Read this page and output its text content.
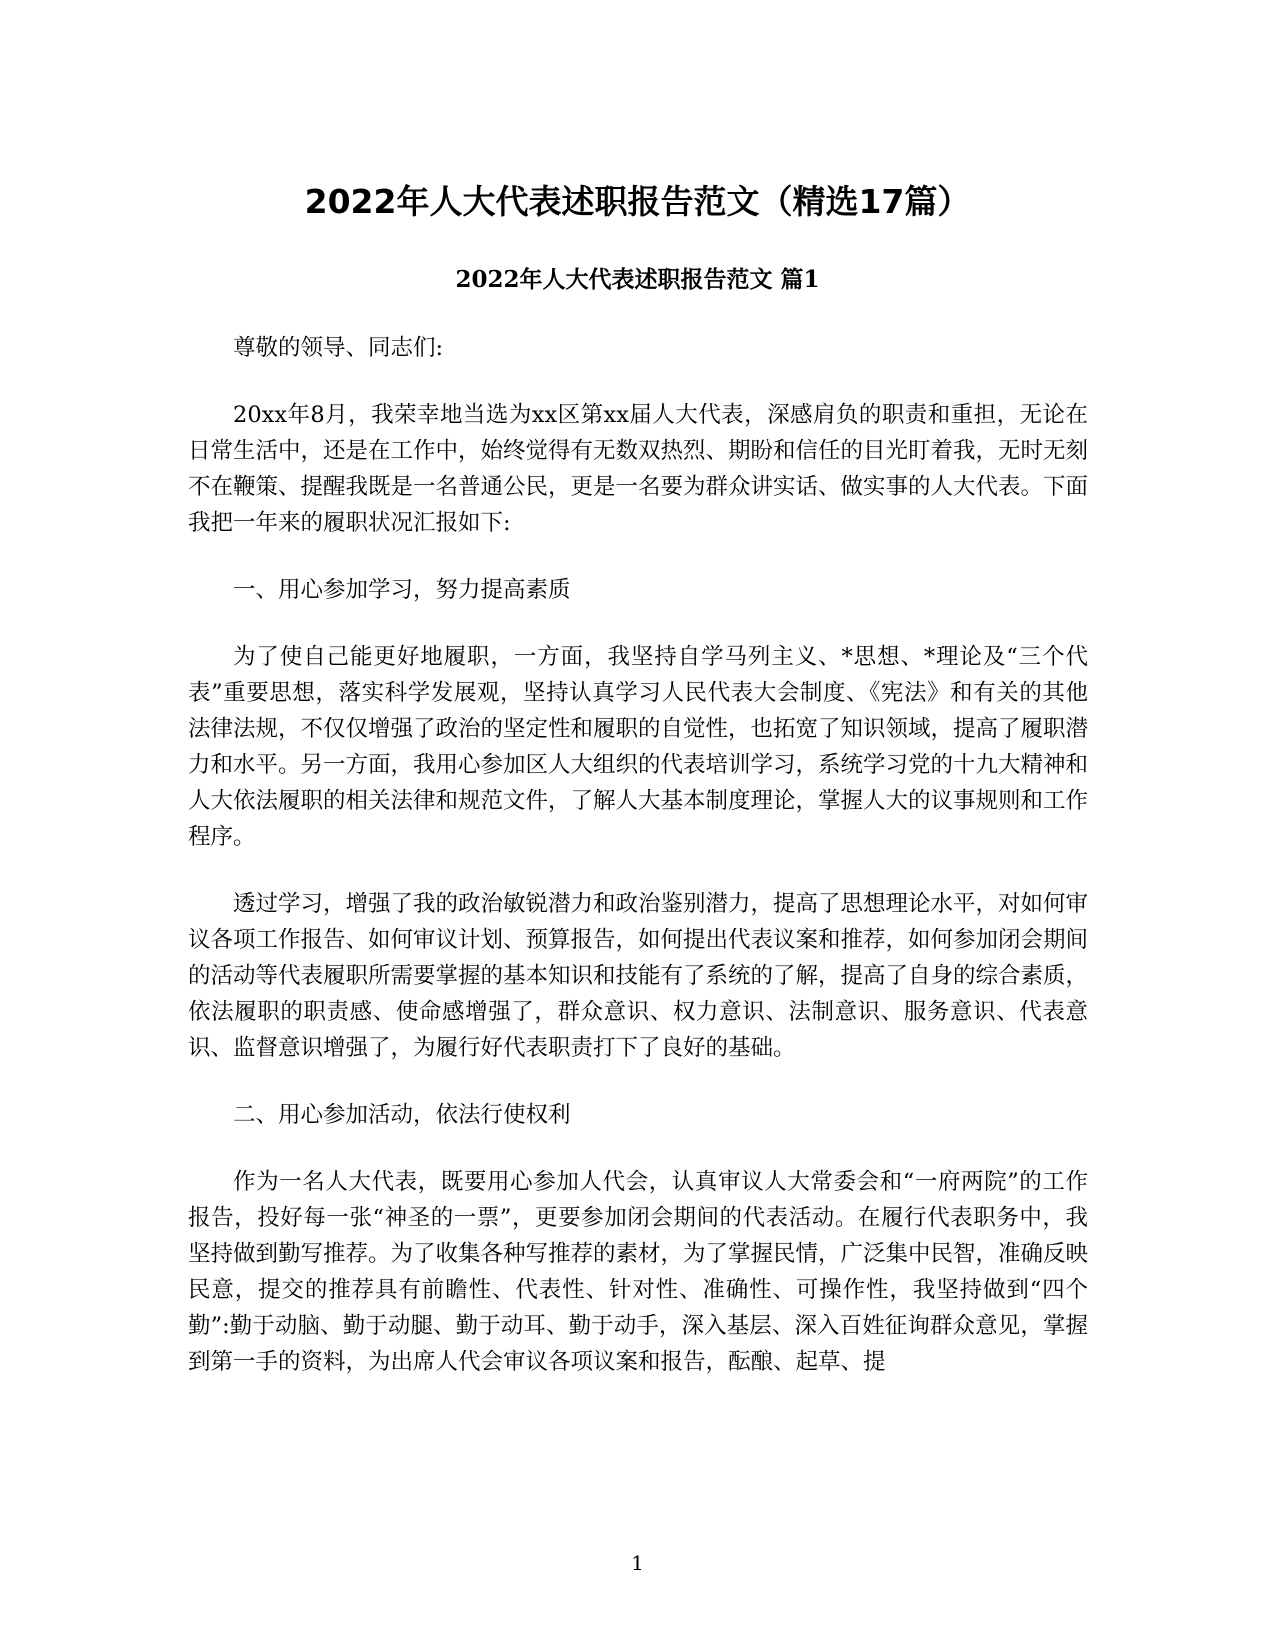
2022年人大代表述职报告范文（精选17篇）
2022年人大代表述职报告范文 篇1

尊敬的领导、同志们:

20xx年8月，我荣幸地当选为xx区第xx届人大代表，深感肩负的职责和重担，无论在日常生活中，还是在工作中，始终觉得有无数双热烈、期盼和信任的目光盯着我，无时无刻不在鞭策、提醒我既是一名普通公民，更是一名要为群众讲实话、做实事的人大代表。下面我把一年来的履职状况汇报如下:

一、用心参加学习，努力提高素质

为了使自己能更好地履职，一方面，我坚持自学马列主义、*思想、*理论及“三个代表”重要思想，落实科学发展观，坚持认真学习人民代表大会制度、《宪法》和有关的其他法律法规，不仅仅增强了政治的坚定性和履职的自觉性，也拓宽了知识领域，提高了履职潜力和水平。另一方面，我用心参加区人大组织的代表培训学习，系统学习党的十九大精神和人大依法履职的相关法律和规范文件，了解人大基本制度理论，掌握人大的议事规则和工作程序。

透过学习，增强了我的政治敏锐潜力和政治鉴别潜力，提高了思想理论水平，对如何审议各项工作报告、如何审议计划、预算报告，如何提出代表议案和推荐，如何参加闭会期间的活动等代表履职所需要掌握的基本知识和技能有了系统的了解，提高了自身的综合素质，依法履职的职责感、使命感增强了，群众意识、权力意识、法制意识、服务意识、代表意识、监督意识增强了，为履行好代表职责打下了良好的基础。

二、用心参加活动，依法行使权利

作为一名人大代表，既要用心参加人代会，认真审议人大常委会和“一府两院”的工作报告，投好每一张“神圣的一票”，更要参加闭会期间的代表活动。在履行代表职务中，我坚持做到勤写推荐。为了收集各种写推荐的素材，为了掌握民情，广泛集中民智，准确反映民意，提交的推荐具有前瞻性、代表性、针对性、准确性、可操作性，我坚持做到“四个勤”:勤于动脑、勤于动腿、勤于动耳、勤于动手，深入基层、深入百姓征询群众意见，掌握到第一手的资料，为出席人代会审议各项议案和报告，酝酿、起草、提

1
